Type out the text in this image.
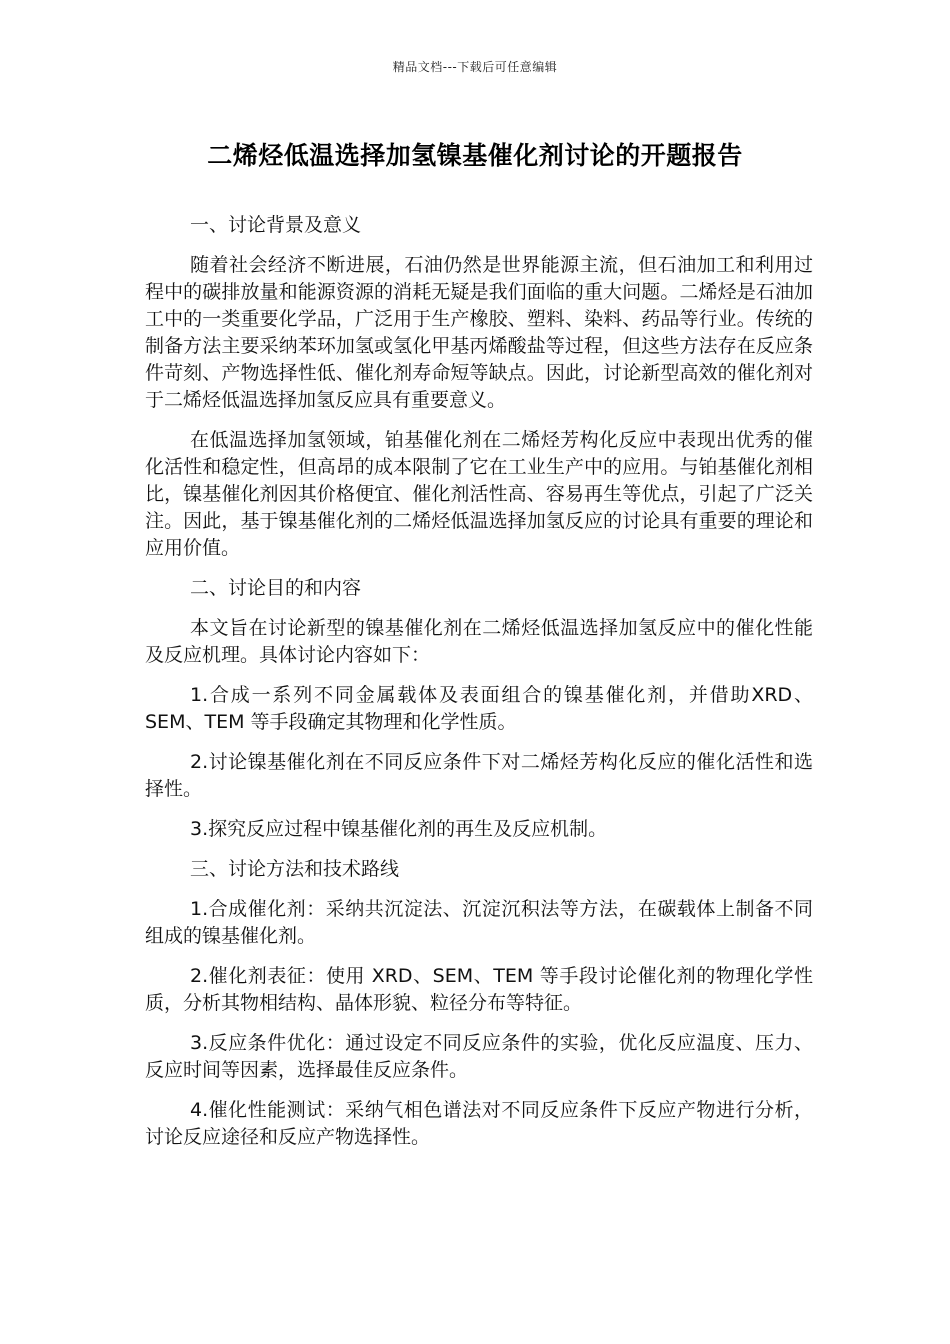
精品文档---下载后可任意编辑
二烯烃低温选择加氢镍基催化剂讨论的开题报告
一、讨论背景及意义

随着社会经济不断进展，石油仍然是世界能源主流，但石油加工和利用过程中的碳排放量和能源资源的消耗无疑是我们面临的重大问题。二烯烃是石油加工中的一类重要化学品，广泛用于生产橡胶、塑料、染料、药品等行业。传统的制备方法主要采纳苯环加氢或氢化甲基丙烯酸盐等过程，但这些方法存在反应条件苛刻、产物选择性低、催化剂寿命短等缺点。因此，讨论新型高效的催化剂对于二烯烃低温选择加氢反应具有重要意义。

在低温选择加氢领域，铂基催化剂在二烯烃芳构化反应中表现出优秀的催化活性和稳定性，但高昂的成本限制了它在工业生产中的应用。与铂基催化剂相比，镍基催化剂因其价格便宜、催化剂活性高、容易再生等优点，引起了广泛关注。因此，基于镍基催化剂的二烯烃低温选择加氢反应的讨论具有重要的理论和应用价值。

二、讨论目的和内容

本文旨在讨论新型的镍基催化剂在二烯烃低温选择加氢反应中的催化性能及反应机理。具体讨论内容如下：

1.合成一系列不同金属载体及表面组合的镍基催化剂，并借助XRD、SEM、TEM 等手段确定其物理和化学性质。

2.讨论镍基催化剂在不同反应条件下对二烯烃芳构化反应的催化活性和选择性。

3.探究反应过程中镍基催化剂的再生及反应机制。

三、讨论方法和技术路线

1.合成催化剂：采纳共沉淀法、沉淀沉积法等方法，在碳载体上制备不同组成的镍基催化剂。

2.催化剂表征：使用 XRD、SEM、TEM 等手段讨论催化剂的物理化学性质，分析其物相结构、晶体形貌、粒径分布等特征。

3.反应条件优化：通过设定不同反应条件的实验，优化反应温度、压力、反应时间等因素，选择最佳反应条件。

4.催化性能测试：采纳气相色谱法对不同反应条件下反应产物进行分析，讨论反应途径和反应产物选择性。
